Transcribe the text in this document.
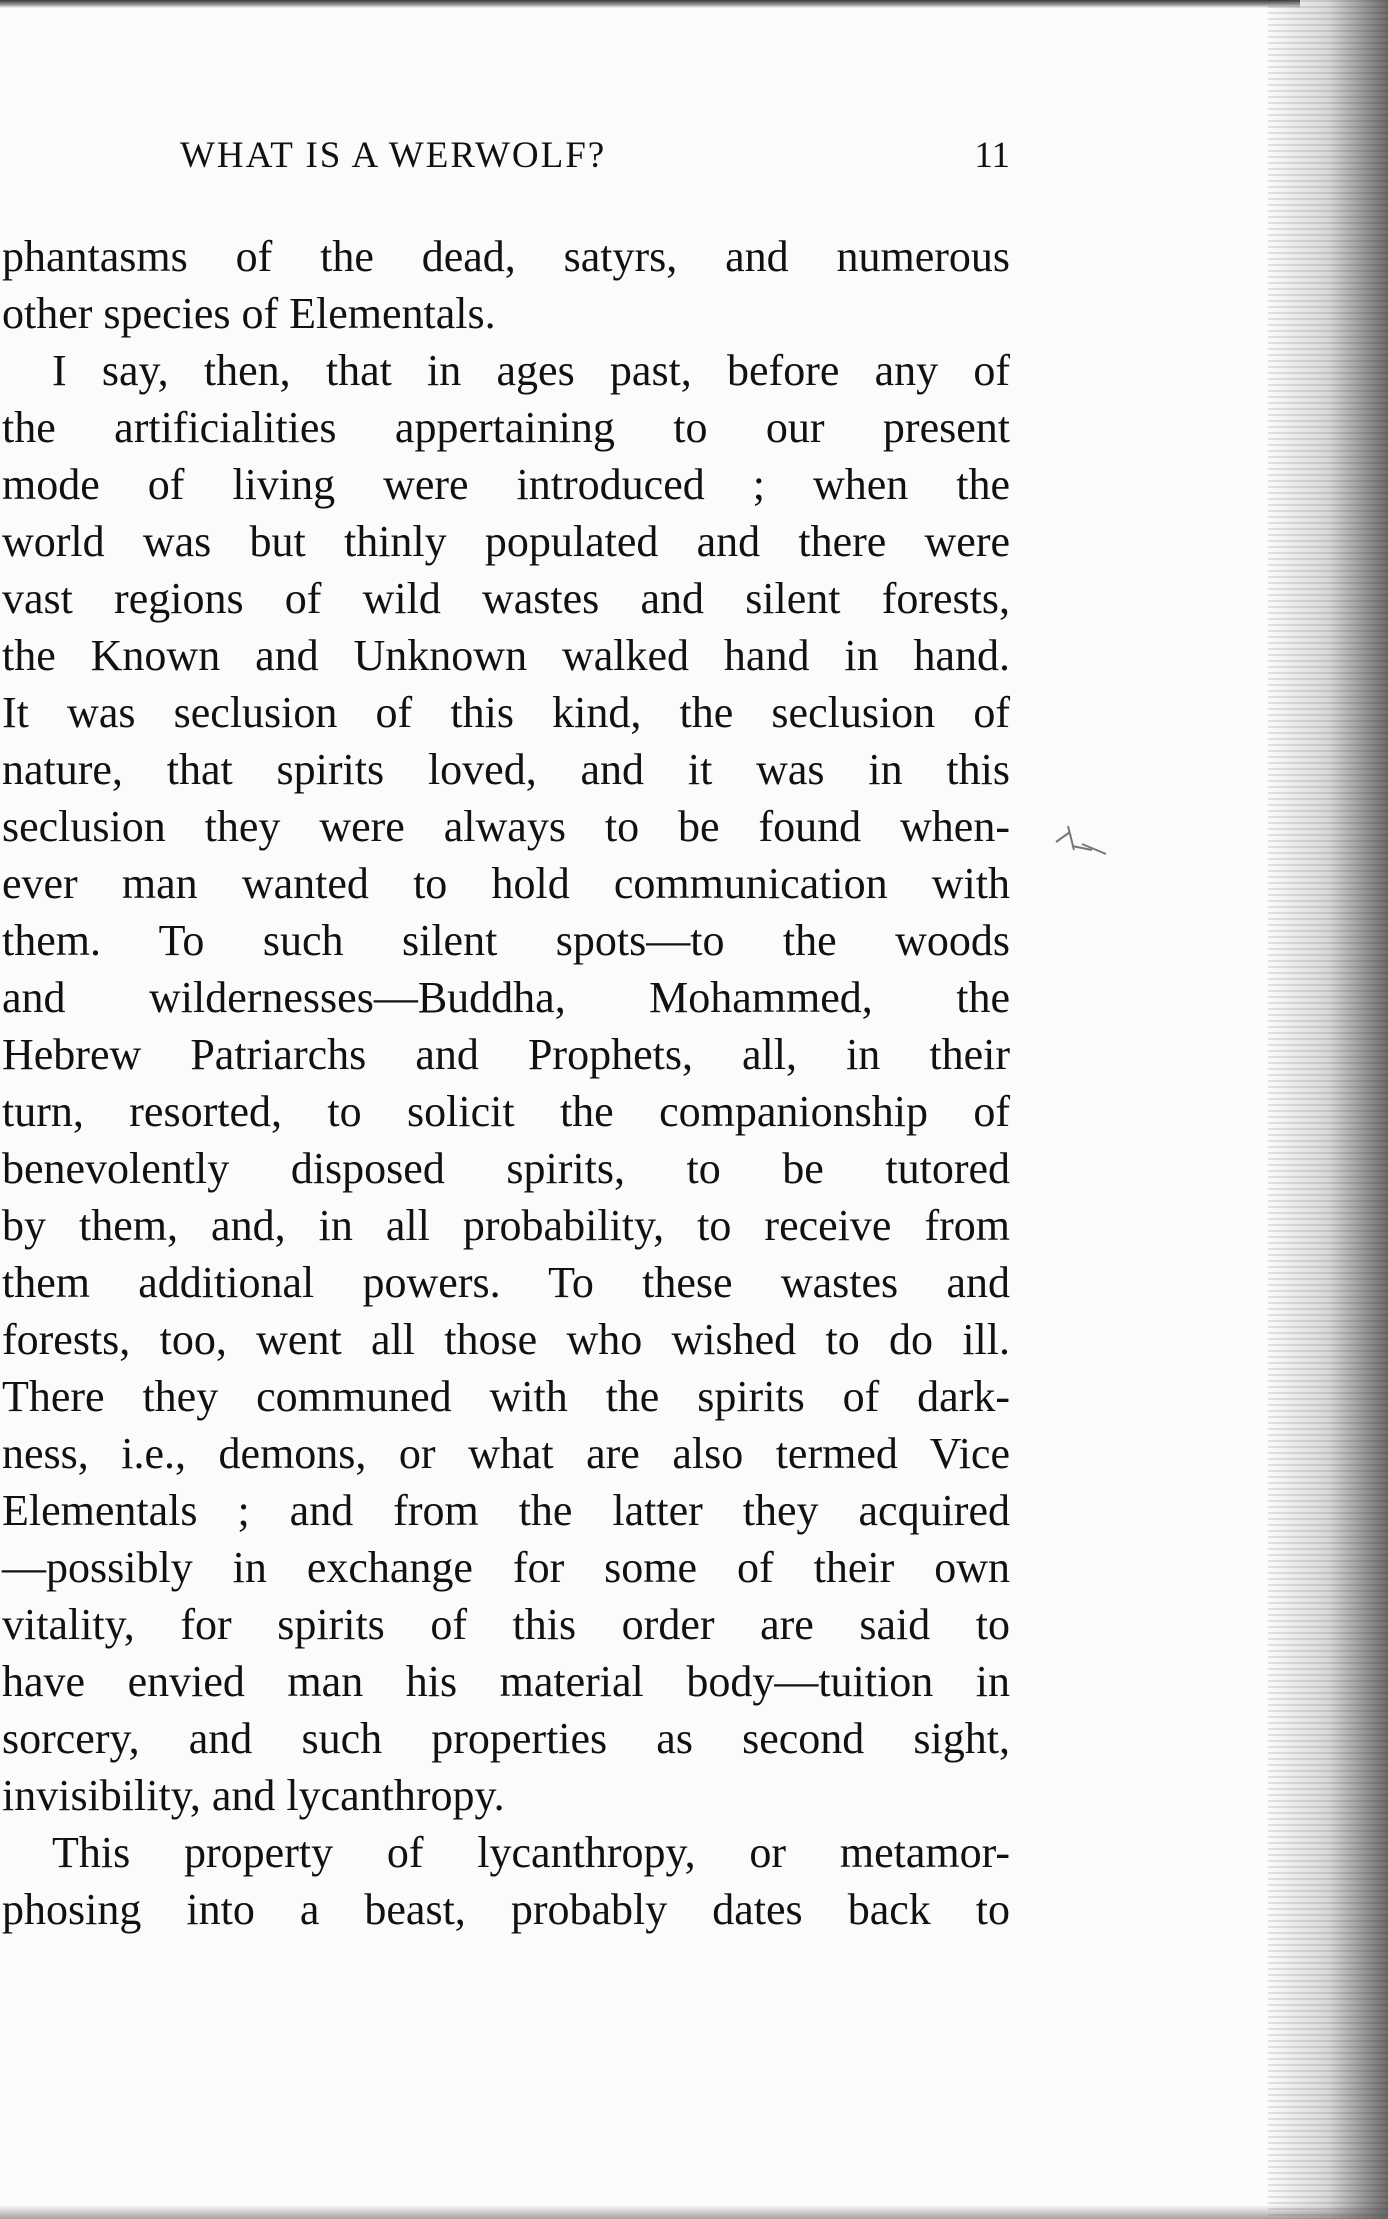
WHAT IS A WERWOLF?	11
phantasms of the dead, satyrs, and numerous
other species of Elementals.
I say, then, that in ages past, before any of
the artificialities appertaining to our present
mode of living were introduced ; when the
world was but thinly populated and there were
vast regions of wild wastes and silent forests,
the Known and Unknown walked hand in hand.
It was seclusion of this kind, the seclusion of
nature, that spirits loved, and it was in this
seclusion they were always to be found when-
ever man wanted to hold communication with
them. To such silent spots—to the woods
and wildernesses—Buddha, Mohammed, the
Hebrew Patriarchs and Prophets, all, in their
turn, resorted, to solicit the companionship of
benevolently disposed spirits, to be tutored
by them, and, in all probability, to receive from
them additional powers. To these wastes and
forests, too, went all those who wished to do ill.
There they communed with the spirits of dark-
ness, i.e., demons, or what are also termed Vice
Elementals ; and from the latter they acquired
—possibly in exchange for some of their own
vitality, for spirits of this order are said to
have envied man his material body—tuition in
sorcery, and such properties as second sight,
invisibility, and lycanthropy.
This property of lycanthropy, or metamor-
phosing into a beast, probably dates back to
